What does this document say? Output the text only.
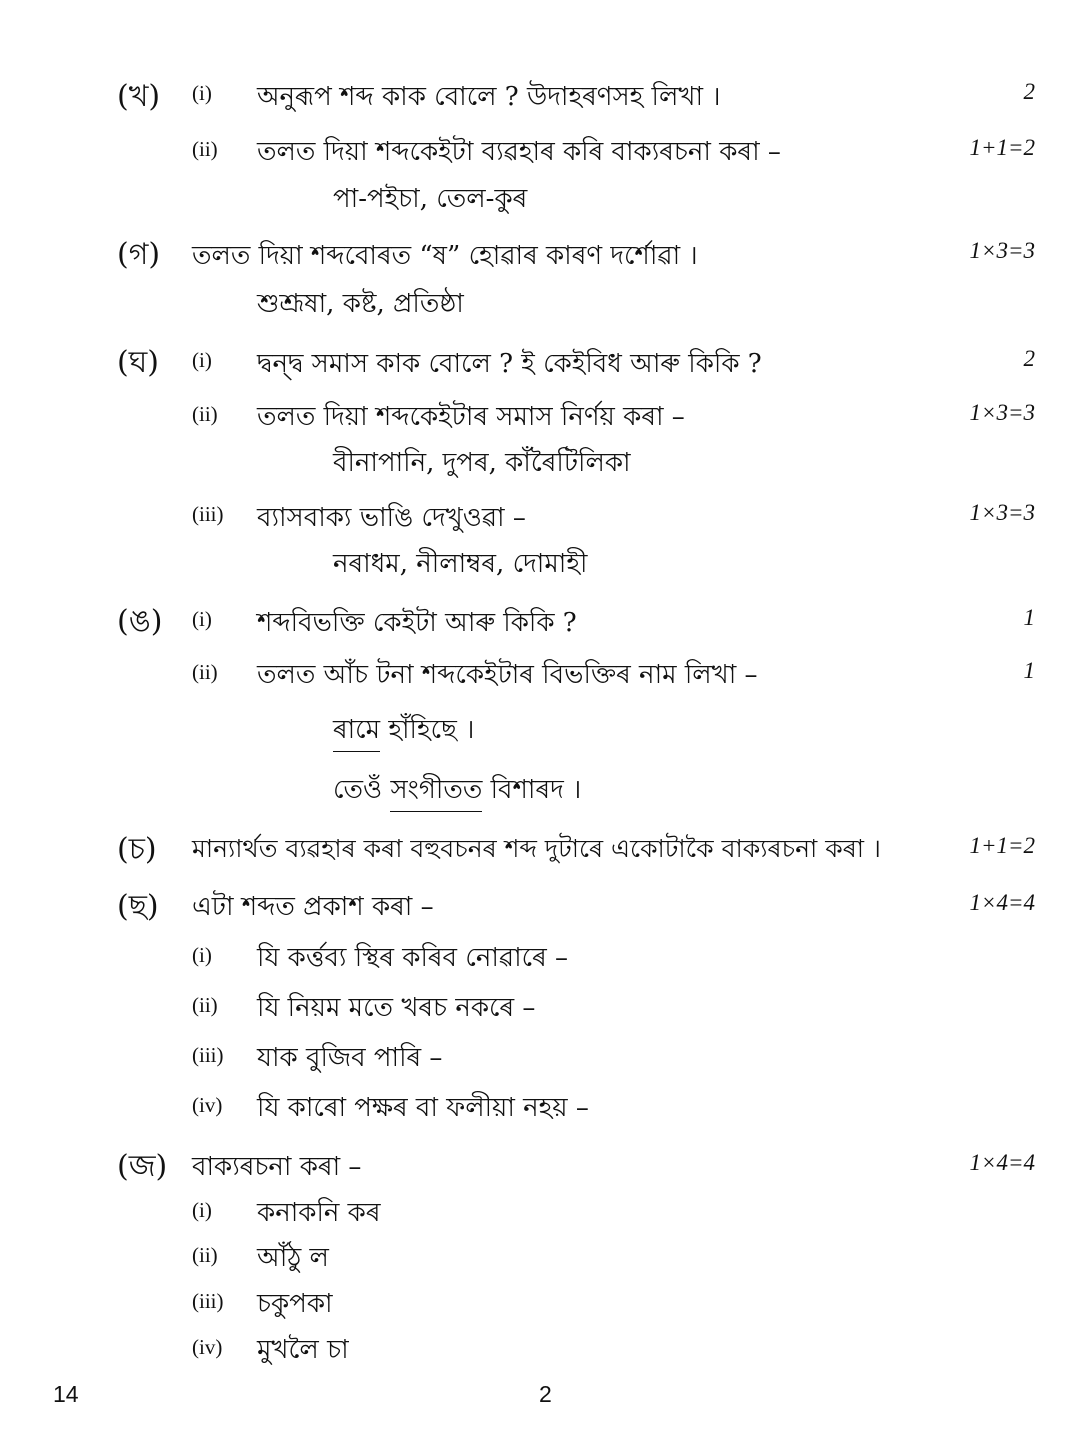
(খ) (i) অনুৰূপ শব্দ কাক বোলে ? উদাহৰণসহ লিখা ।	2
(ii) তলত দিয়া শব্দকেইটা ব্যৱহাৰ কৰি বাক্যৰচনা কৰা –	1+1=2
পা-পইচা, তেল-কুৰ
(গ) তলত দিয়া শব্দবোৰত “ষ” হোৱাৰ কাৰণ দৰ্শোৱা ।	1×3=3
শুশ্ৰূষা, কষ্ট, প্ৰতিষ্ঠা
(ঘ) (i) দ্বন্দ্ব সমাস কাক বোলে ? ই কেইবিধ আৰু কিকি ?	2
(ii) তলত দিয়া শব্দকেইটাৰ সমাস নিৰ্ণয় কৰা –	1×3=3
বীনাপানি, দুপৰ, কাঁৰৈটিলিকা
(iii) ব্যাসবাক্য ভাঙি দেখুওৱা –	1×3=3
নৰাধম, নীলাম্বৰ, দোমাহী
(ঙ) (i) শব্দবিভক্তি কেইটা আৰু কিকি ?	1
(ii) তলত আঁচ টনা শব্দকেইটাৰ বিভক্তিৰ নাম লিখা –	1
ৰামে হাঁহিছে ।
তেওঁ সংগীতত বিশাৰদ ।
(চ) মান্যাৰ্থত ব্যৱহাৰ কৰা বহুবচনৰ শব্দ দুটাৰে একোটাকৈ বাক্যৰচনা কৰা ।	1+1=2
(ছ) এটা শব্দত প্ৰকাশ কৰা –	1×4=4
(i) যি কৰ্ত্তব্য স্থিৰ কৰিব নোৱাৰে –
(ii) যি নিয়ম মতে খৰচ নকৰে –
(iii) যাক বুজিব পাৰি –
(iv) যি কাৰো পক্ষৰ বা ফলীয়া নহয় –
(জ) বাক্যৰচনা কৰা –	1×4=4
(i) কনাকনি কৰ
(ii) আঁঠু ল
(iii) চকুপকা
(iv) মুখলৈ চা
14	2
